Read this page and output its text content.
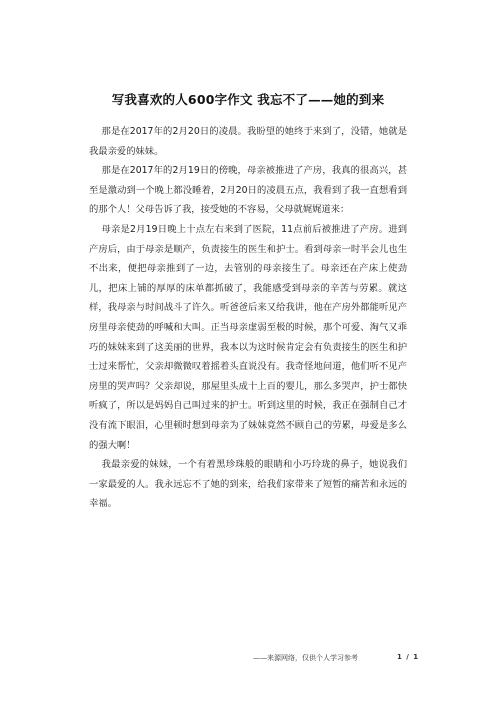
写我喜欢的人600字作文 我忘不了——她的到来

那是在2017年的2月20日的凌晨。我盼望的她终于来到了，没错，她就是我最亲爱的妹妹。

那是在2017年的2月19日的傍晚，母亲被推进了产房，我真的很高兴，甚至是激动到一个晚上都没睡着，2月20日的凌晨五点，我看到了我一直想看到的那个人！父母告诉了我，接受她的不容易，父母就娓娓道来：

母亲是2月19日晚上十点左右来到了医院，11点前后被推进了产房。进到产房后，由于母亲是顺产，负责接生的医生和护士。看到母亲一时半会儿也生不出来，便把母亲推到了一边，去管别的母亲接生了。母亲还在产床上使劲儿，把床上铺的厚厚的床单都抓破了，我能感受到母亲的辛苦与劳累。就这样，我母亲与时间战斗了许久。听爸爸后来又给我讲，他在产房外都能听见产房里母亲使劲的呼喊和大叫。正当母亲虚弱至极的时候，那个可爱、淘气又乖巧的妹妹来到了这美丽的世界，我本以为这时候肯定会有负责接生的医生和护士过来帮忙，父亲却微微叹着摇着头直说没有。我奇怪地问道，他们听不见产房里的哭声吗？父亲却说，那屋里头成十上百的婴儿，那么多哭声，护士都快听疯了，所以是妈妈自己叫过来的护士。听到这里的时候，我正在强制自己才没有流下眼泪，心里顿时想到母亲为了妹妹竟然不顾自己的劳累，母爱是多么的强大啊！

我最亲爱的妹妹，一个有着黑珍珠般的眼睛和小巧玲珑的鼻子，她说我们一家最爱的人。我永远忘不了她的到来，给我们家带来了短暂的痛苦和永远的幸福。

——来源网络，仅供个人学习参考	1 / 1
